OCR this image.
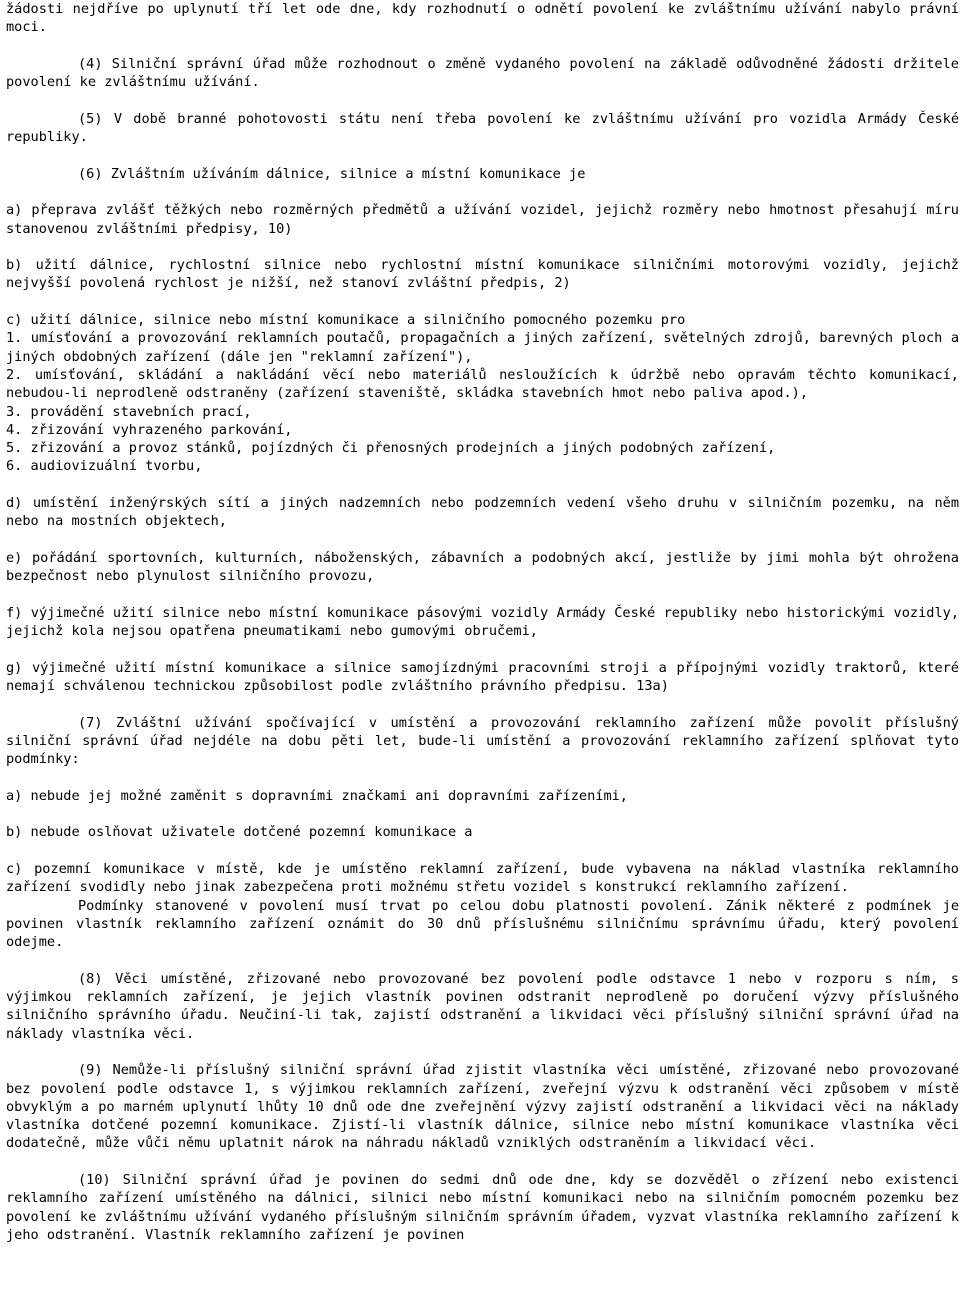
žádosti nejdříve po uplynutí tří let ode dne, kdy rozhodnutí o odnětí povolení ke zvláštnímu užívání nabylo právní moci.
(4) Silniční správní úřad může rozhodnout o změně vydaného povolení na základě odůvodněné žádosti držitele povolení ke zvláštnímu užívání.
(5) V době branné pohotovosti státu není třeba povolení ke zvláštnímu užívání pro vozidla Armády České republiky.
(6) Zvláštním užíváním dálnice, silnice a místní komunikace je
a) přeprava zvlášť těžkých nebo rozměrných předmětů a užívání vozidel, jejichž rozměry nebo hmotnost přesahují míru stanovenou zvláštními předpisy, 10)
b) užití dálnice, rychlostní silnice nebo rychlostní místní komunikace silničními motorovými vozidly, jejichž nejvyšší povolená rychlost je nižší, než stanoví zvláštní předpis, 2)
c) užití dálnice, silnice nebo místní komunikace a silničního pomocného pozemku pro
1. umísťování a provozování reklamních poutačů, propagačních a jiných zařízení, světelných zdrojů, barevných ploch a jiných obdobných zařízení (dále jen "reklamní zařízení"),
2. umísťování, skládání a nakládání věcí nebo materiálů nesloužících k údržbě nebo opravám těchto komunikací, nebudou-li neprodleně odstraněny (zařízení staveniště, skládka stavebních hmot nebo paliva apod.),
3. provádění stavebních prací,
4. zřizování vyhrazeného parkování,
5. zřizování a provoz stánků, pojízdných či přenosných prodejních a jiných podobných zařízení,
6. audiovizuální tvorbu,
d) umístění inženýrských sítí a jiných nadzemních nebo podzemních vedení všeho druhu v silničním pozemku, na něm nebo na mostních objektech,
e) pořádání sportovních, kulturních, náboženských, zábavních a podobných akcí, jestliže by jimi mohla být ohrožena bezpečnost nebo plynulost silničního provozu,
f) výjimečné užití silnice nebo místní komunikace pásovými vozidly Armády České republiky nebo historickými vozidly, jejichž kola nejsou opatřena pneumatikami nebo gumovými obručemi,
g) výjimečné užití místní komunikace a silnice samojízdnými pracovními stroji a přípojnými vozidly traktorů, které nemají schválenou technickou způsobilost podle zvláštního právního předpisu. 13a)
(7) Zvláštní užívání spočívající v umístění a provozování reklamního zařízení může povolit příslušný silniční správní úřad nejdéle na dobu pěti let, bude-li umístění a provozování reklamního zařízení splňovat tyto podmínky:
a) nebude jej možné zaměnit s dopravními značkami ani dopravními zařízeními,
b) nebude oslňovat uživatele dotčené pozemní komunikace a
c) pozemní komunikace v místě, kde je umístěno reklamní zařízení, bude vybavena na náklad vlastníka reklamního zařízení svodidly nebo jinak zabezpečena proti možnému střetu vozidel s konstrukcí reklamního zařízení.
Podmínky stanovené v povolení musí trvat po celou dobu platnosti povolení. Zánik některé z podmínek je povinen vlastník reklamního zařízení oznámit do 30 dnů příslušnému silničnímu správnímu úřadu, který povolení odejme.
(8) Věci umístěné, zřizované nebo provozované bez povolení podle odstavce 1 nebo v rozporu s ním, s výjimkou reklamních zařízení, je jejich vlastník povinen odstranit neprodleně po doručení výzvy příslušného silničního správního úřadu. Neučiní-li tak, zajistí odstranění a likvidaci věci příslušný silniční správní úřad na náklady vlastníka věci.
(9) Nemůže-li příslušný silniční správní úřad zjistit vlastníka věci umístěné, zřizované nebo provozované bez povolení podle odstavce 1, s výjimkou reklamních zařízení, zveřejní výzvu k odstranění věci způsobem v místě obvyklým a po marném uplynutí lhůty 10 dnů ode dne zveřejnění výzvy zajistí odstranění a likvidaci věci na náklady vlastníka dotčené pozemní komunikace. Zjistí-li vlastník dálnice, silnice nebo místní komunikace vlastníka věci dodatečně, může vůči němu uplatnit nárok na náhradu nákladů vzniklých odstraněním a likvidací věci.
(10) Silniční správní úřad je povinen do sedmi dnů ode dne, kdy se dozvěděl o zřízení nebo existenci reklamního zařízení umístěného na dálnici, silnici nebo místní komunikaci nebo na silničním pomocném pozemku bez povolení ke zvláštnímu užívání vydaného příslušným silničním správním úřadem, vyzvat vlastníka reklamního zařízení k jeho odstranění. Vlastník reklamního zařízení je povinen
